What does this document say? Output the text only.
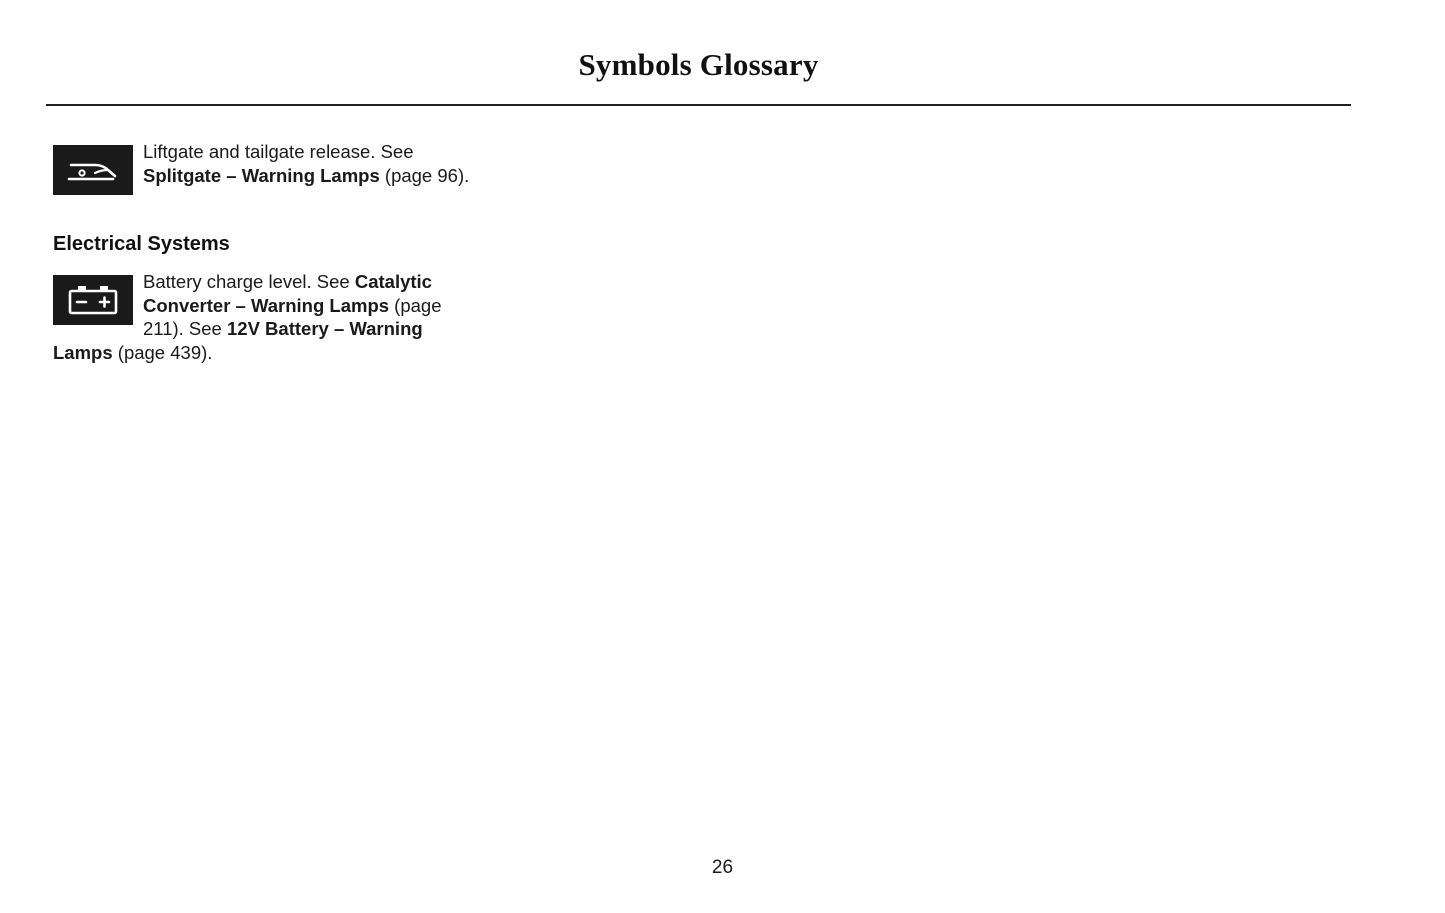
Symbols Glossary
Liftgate and tailgate release. See Splitgate – Warning Lamps (page 96).
Electrical Systems
Battery charge level. See Catalytic Converter – Warning Lamps (page 211). See 12V Battery – Warning Lamps (page 439).
26
